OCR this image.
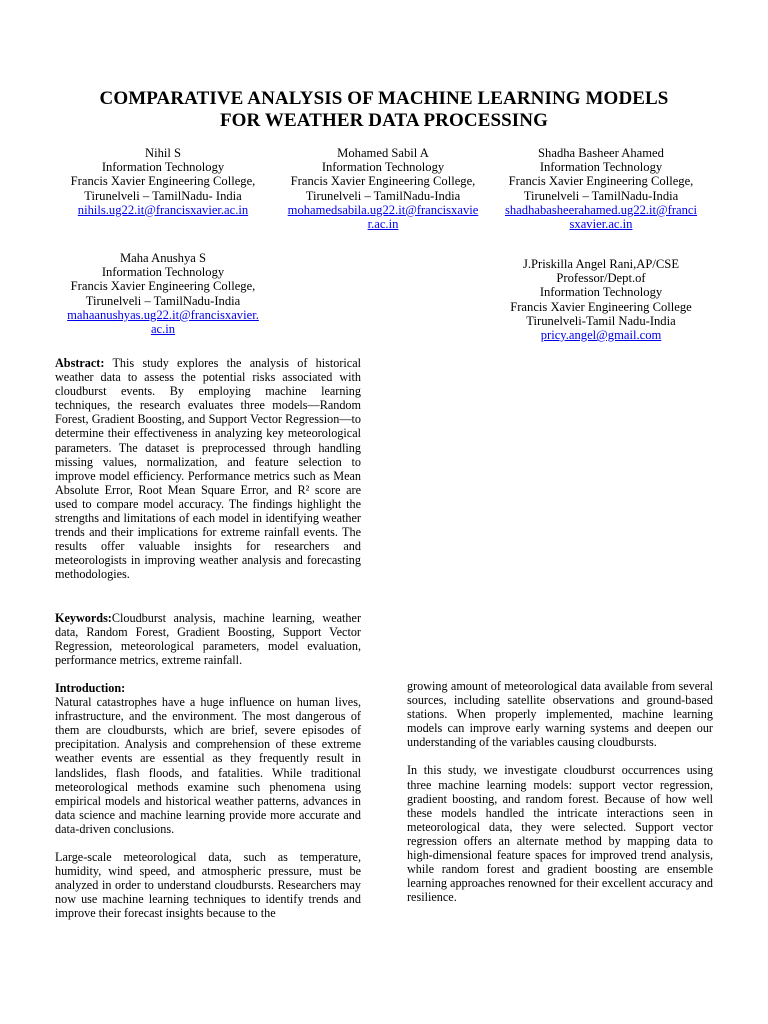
COMPARATIVE ANALYSIS OF MACHINE LEARNING MODELS
FOR WEATHER DATA PROCESSING
Nihil S
Information Technology
Francis Xavier Engineering College,
Tirunelveli – TamilNadu- India
nihils.ug22.it@francisxavier.ac.in
Mohamed Sabil A
Information Technology
Francis Xavier Engineering College,
Tirunelveli – TamilNadu-India
mohamedsabila.ug22.it@francisxavie
r.ac.in
Shadha Basheer Ahamed
Information Technology
Francis Xavier Engineering College,
Tirunelveli – TamilNadu-India
shadhabasheerahamed.ug22.it@franci
sxavier.ac.in
Maha Anushya S
Information Technology
Francis Xavier Engineering College,
Tirunelveli – TamilNadu-India
mahaanushyas.ug22.it@francisxavier.
ac.in
J.Priskilla Angel Rani,AP/CSE
Professor/Dept.of
Information Technology
Francis Xavier Engineering College
Tirunelveli-Tamil Nadu-India
pricy.angel@gmail.com

Abstract: This study explores the analysis of historical weather data to assess the potential risks associated with cloudburst events. By employing machine learning techniques, the research evaluates three models—Random Forest, Gradient Boosting, and Support Vector Regression—to determine their effectiveness in analyzing key meteorological parameters. The dataset is preprocessed through handling missing values, normalization, and feature selection to improve model efficiency. Performance metrics such as Mean Absolute Error, Root Mean Square Error, and R² score are used to compare model accuracy. The findings highlight the strengths and limitations of each model in identifying weather trends and their implications for extreme rainfall events. The results offer valuable insights for researchers and meteorologists in improving weather analysis and forecasting methodologies.

Keywords:Cloudburst analysis, machine learning, weather data, Random Forest, Gradient Boosting, Support Vector Regression, meteorological parameters, model evaluation, performance metrics, extreme rainfall.

Introduction:

Natural catastrophes have a huge influence on human lives, infrastructure, and the environment. The most dangerous of them are cloudbursts, which are brief, severe episodes of precipitation. Analysis and comprehension of these extreme weather events are essential as they frequently result in landslides, flash floods, and fatalities. While traditional meteorological methods examine such phenomena using empirical models and historical weather patterns, advances in data science and machine learning provide more accurate and data-driven conclusions.

Large-scale meteorological data, such as temperature, humidity, wind speed, and atmospheric pressure, must be analyzed in order to understand cloudbursts. Researchers may now use machine learning techniques to identify trends and improve their forecast insights because to the

growing amount of meteorological data available from several sources, including satellite observations and ground-based stations. When properly implemented, machine learning models can improve early warning systems and deepen our understanding of the variables causing cloudbursts.

In this study, we investigate cloudburst occurrences using three machine learning models: support vector regression, gradient boosting, and random forest. Because of how well these models handled the intricate interactions seen in meteorological data, they were selected. Support vector regression offers an alternate method by mapping data to high-dimensional feature spaces for improved trend analysis, while random forest and gradient boosting are ensemble learning approaches renowned for their excellent accuracy and resilience.
